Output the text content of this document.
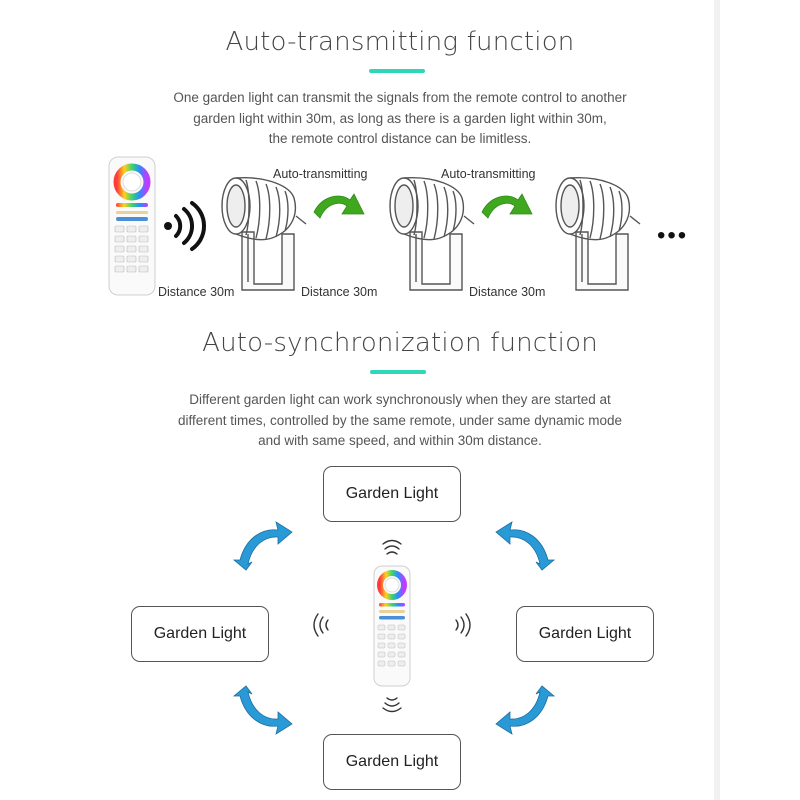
Auto-transmitting function
One garden light can transmit the signals from the remote control to another
garden light within 30m, as long as there is a garden light within 30m,
the remote control distance can be limitless.
Auto-transmitting	Auto-transmitting
Distance 30m	Distance 30m	Distance 30m
•••
Auto-synchronization function
Different garden light can work synchronously when they are started at
different times, controlled by the same remote, under same dynamic mode
and with same speed, and within 30m distance.
Garden Light
Garden Light	Garden Light
Garden Light
